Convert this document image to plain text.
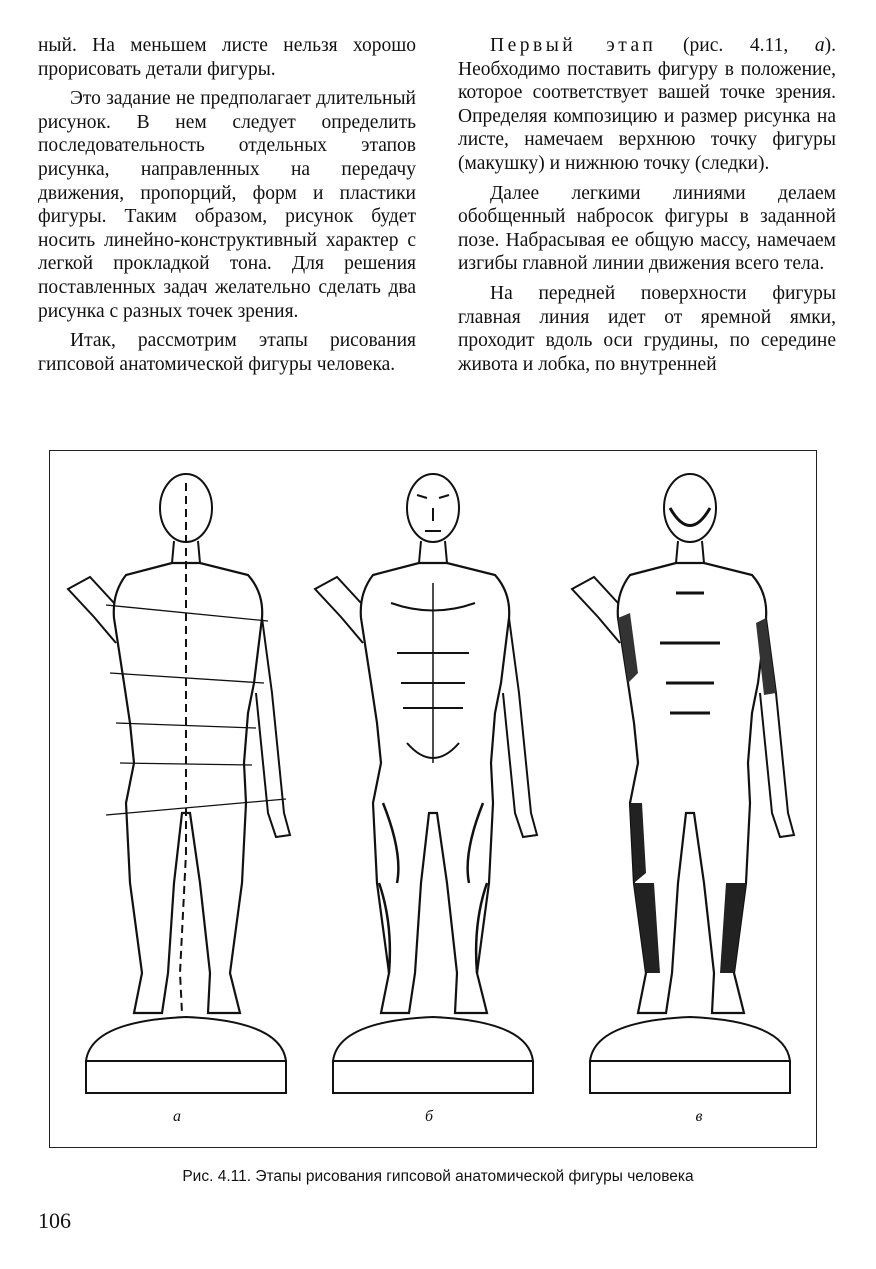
ный. На меньшем листе нельзя хорошо прорисовать детали фигуры.

Это задание не предполагает длительный рисунок. В нем следует определить последовательность отдельных этапов рисунка, направленных на передачу движения, пропорций, форм и пластики фигуры. Таким образом, рисунок будет носить линейно-конструктивный характер с легкой прокладкой тона. Для решения поставленных задач желательно сделать два рисунка с разных точек зрения.

Итак, рассмотрим этапы рисования гипсовой анатомической фигуры человека.

Первый этап (рис. 4.11, а). Необходимо поставить фигуру в положение, которое соответствует вашей точке зрения. Определяя композицию и размер рисунка на листе, намечаем верхнюю точку фигуры (макушку) и нижнюю точку (следки).

Далее легкими линиями делаем обобщенный набросок фигуры в заданной позе. Набрасывая ее общую массу, намечаем изгибы главной линии движения всего тела.

На передней поверхности фигуры главная линия идет от яремной ямки, проходит вдоль оси грудины, по середине живота и лобка, по внутренней

а	б	в
Рис. 4.11. Этапы рисования гипсовой анатомической фигуры человека
106
